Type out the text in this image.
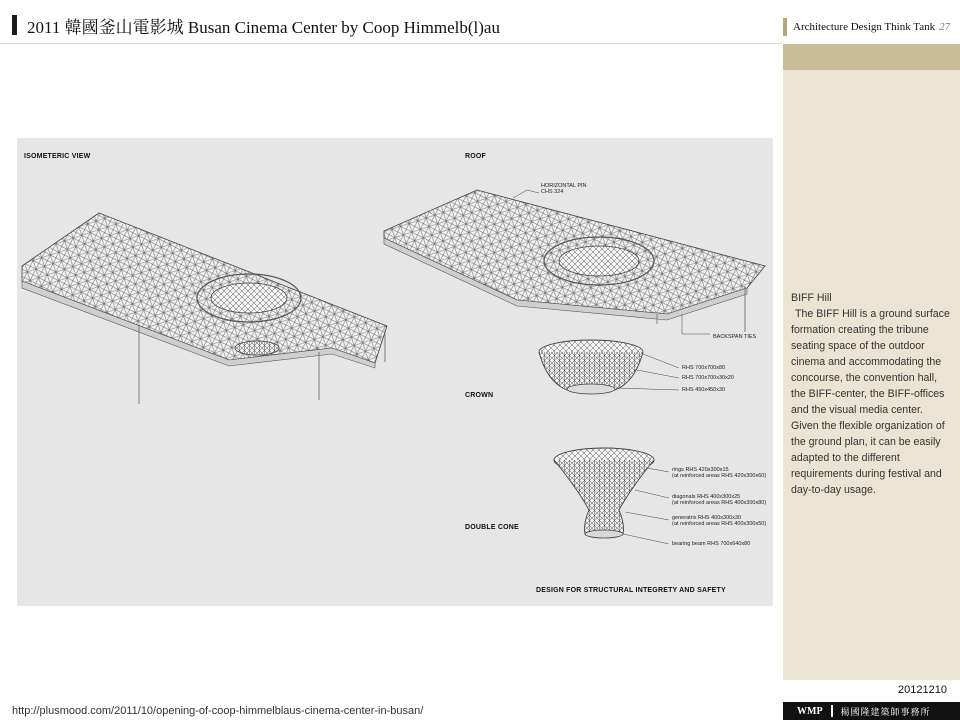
2011 韓國釜山電影城 Busan Cinema Center by Coop Himmelb(l)au	Architecture Design Think Tank 27
BIFF Hill
The BIFF Hill is a ground surface formation creating the tribune seating space of the outdoor cinema and accommodating the concourse, the convention hall, the BIFF-center, the BIFF-offices and the visual media center. Given the flexible organization of the ground plan, it can be easily adapted to the different requirements during festival and day-to-day usage.
ISOMETERIC VIEW	ROOF
CROWN
DOUBLE CONE
DESIGN FOR STRUCTURAL INTEGRETY AND SAFETY
HORIZONTAL PIN
CHS 324
BACKSPAN TIES
RHS 700x700x80
RHS 700x700x30x20
RHS 450x450x30
rings RHS 420x300x15
(at reinforced areas RHS 420x300x60)
diagonals RHS 400x300x25
(at reinforced areas RHS 400x300x80)
generatrix RHS 400x300x30
(at reinforced areas RHS 400x300x50)
bearing beam RHS 700x640x80
20121210
http://plusmood.com/2011/10/opening-of-coop-himmelblaus-cinema-center-in-busan/	WMP 楊國隆建築師事務所
